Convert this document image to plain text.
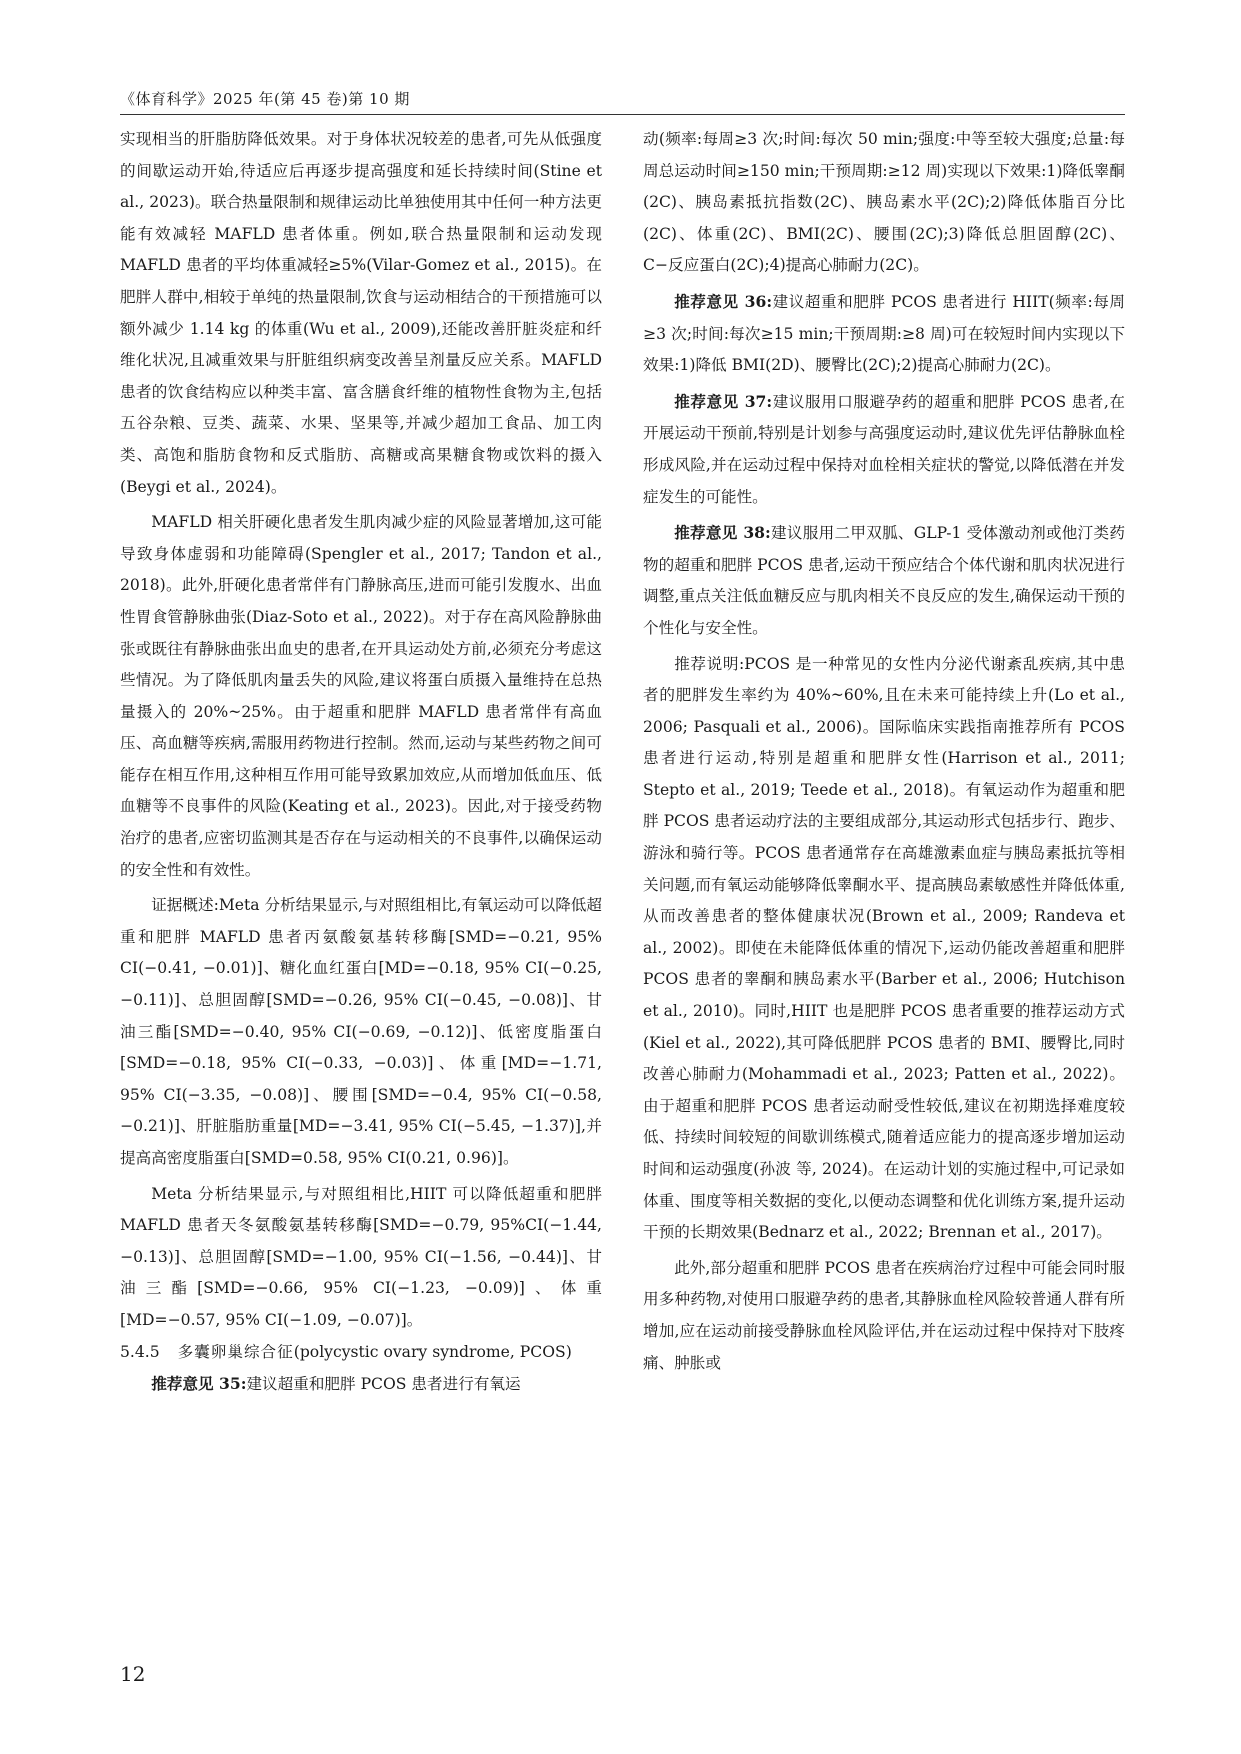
《体育科学》2025 年(第 45 卷)第 10 期

实现相当的肝脂肪降低效果。对于身体状况较差的患者,可先从低强度的间歇运动开始,待适应后再逐步提高强度和延长持续时间(Stine et al., 2023)。联合热量限制和规律运动比单独使用其中任何一种方法更能有效减轻 MAFLD 患者体重。例如,联合热量限制和运动发现 MAFLD 患者的平均体重减轻≥5%(Vilar-Gomez et al., 2015)。在肥胖人群中,相较于单纯的热量限制,饮食与运动相结合的干预措施可以额外减少 1.14 kg 的体重(Wu et al., 2009),还能改善肝脏炎症和纤维化状况,且减重效果与肝脏组织病变改善呈剂量反应关系。MAFLD 患者的饮食结构应以种类丰富、富含膳食纤维的植物性食物为主,包括五谷杂粮、豆类、蔬菜、水果、坚果等,并减少超加工食品、加工肉类、高饱和脂肪食物和反式脂肪、高糖或高果糖食物或饮料的摄入(Beygi et al., 2024)。

MAFLD 相关肝硬化患者发生肌肉减少症的风险显著增加,这可能导致身体虚弱和功能障碍(Spengler et al., 2017; Tandon et al., 2018)。此外,肝硬化患者常伴有门静脉高压,进而可能引发腹水、出血性胃食管静脉曲张(Diaz-Soto et al., 2022)。对于存在高风险静脉曲张或既往有静脉曲张出血史的患者,在开具运动处方前,必须充分考虑这些情况。为了降低肌肉量丢失的风险,建议将蛋白质摄入量维持在总热量摄入的 20%~25%。由于超重和肥胖 MAFLD 患者常伴有高血压、高血糖等疾病,需服用药物进行控制。然而,运动与某些药物之间可能存在相互作用,这种相互作用可能导致累加效应,从而增加低血压、低血糖等不良事件的风险(Keating et al., 2023)。因此,对于接受药物治疗的患者,应密切监测其是否存在与运动相关的不良事件,以确保运动的安全性和有效性。

证据概述:Meta 分析结果显示,与对照组相比,有氧运动可以降低超重和肥胖 MAFLD 患者丙氨酸氨基转移酶[SMD=−0.21, 95% CI(−0.41, −0.01)]、糖化血红蛋白[MD=−0.18, 95% CI(−0.25, −0.11)]、总胆固醇[SMD=−0.26, 95% CI(−0.45, −0.08)]、甘油三酯[SMD=−0.40, 95% CI(−0.69, −0.12)]、低密度脂蛋白[SMD=−0.18, 95% CI(−0.33, −0.03)]、体重[MD=−1.71, 95% CI(−3.35, −0.08)]、腰围[SMD=−0.4, 95% CI(−0.58, −0.21)]、肝脏脂肪重量[MD=−3.41, 95% CI(−5.45, −1.37)],并提高高密度脂蛋白[SMD=0.58, 95% CI(0.21, 0.96)]。

Meta 分析结果显示,与对照组相比,HIIT 可以降低超重和肥胖 MAFLD 患者天冬氨酸氨基转移酶[SMD=−0.79, 95%CI(−1.44, −0.13)]、总胆固醇[SMD=−1.00, 95% CI(−1.56, −0.44)]、甘油三酯[SMD=−0.66, 95% CI(−1.23, −0.09)]、体重[MD=−0.57, 95% CI(−1.09, −0.07)]。

5.4.5 多囊卵巢综合征(polycystic ovary syndrome, PCOS)

推荐意见 35:建议超重和肥胖 PCOS 患者进行有氧运

动(频率:每周≥3 次;时间:每次 50 min;强度:中等至较大强度;总量:每周总运动时间≥150 min;干预周期:≥12 周)实现以下效果:1)降低睾酮(2C)、胰岛素抵抗指数(2C)、胰岛素水平(2C);2)降低体脂百分比(2C)、体重(2C)、BMI(2C)、腰围(2C);3)降低总胆固醇(2C)、C−反应蛋白(2C);4)提高心肺耐力(2C)。

推荐意见 36:建议超重和肥胖 PCOS 患者进行 HIIT(频率:每周≥3 次;时间:每次≥15 min;干预周期:≥8 周)可在较短时间内实现以下效果:1)降低 BMI(2D)、腰臀比(2C);2)提高心肺耐力(2C)。

推荐意见 37:建议服用口服避孕药的超重和肥胖 PCOS 患者,在开展运动干预前,特别是计划参与高强度运动时,建议优先评估静脉血栓形成风险,并在运动过程中保持对血栓相关症状的警觉,以降低潜在并发症发生的可能性。

推荐意见 38:建议服用二甲双胍、GLP-1 受体激动剂或他汀类药物的超重和肥胖 PCOS 患者,运动干预应结合个体代谢和肌肉状况进行调整,重点关注低血糖反应与肌肉相关不良反应的发生,确保运动干预的个性化与安全性。

推荐说明:PCOS 是一种常见的女性内分泌代谢紊乱疾病,其中患者的肥胖发生率约为 40%~60%,且在未来可能持续上升(Lo et al., 2006; Pasquali et al., 2006)。国际临床实践指南推荐所有 PCOS 患者进行运动,特别是超重和肥胖女性(Harrison et al., 2011; Stepto et al., 2019; Teede et al., 2018)。有氧运动作为超重和肥胖 PCOS 患者运动疗法的主要组成部分,其运动形式包括步行、跑步、游泳和骑行等。PCOS 患者通常存在高雄激素血症与胰岛素抵抗等相关问题,而有氧运动能够降低睾酮水平、提高胰岛素敏感性并降低体重,从而改善患者的整体健康状况(Brown et al., 2009; Randeva et al., 2002)。即使在未能降低体重的情况下,运动仍能改善超重和肥胖 PCOS 患者的睾酮和胰岛素水平(Barber et al., 2006; Hutchison et al., 2010)。同时,HIIT 也是肥胖 PCOS 患者重要的推荐运动方式(Kiel et al., 2022),其可降低肥胖 PCOS 患者的 BMI、腰臀比,同时改善心肺耐力(Mohammadi et al., 2023; Patten et al., 2022)。由于超重和肥胖 PCOS 患者运动耐受性较低,建议在初期选择难度较低、持续时间较短的间歇训练模式,随着适应能力的提高逐步增加运动时间和运动强度(孙波 等, 2024)。在运动计划的实施过程中,可记录如体重、围度等相关数据的变化,以便动态调整和优化训练方案,提升运动干预的长期效果(Bednarz et al., 2022; Brennan et al., 2017)。

此外,部分超重和肥胖 PCOS 患者在疾病治疗过程中可能会同时服用多种药物,对使用口服避孕药的患者,其静脉血栓风险较普通人群有所增加,应在运动前接受静脉血栓风险评估,并在运动过程中保持对下肢疼痛、肿胀或

12
